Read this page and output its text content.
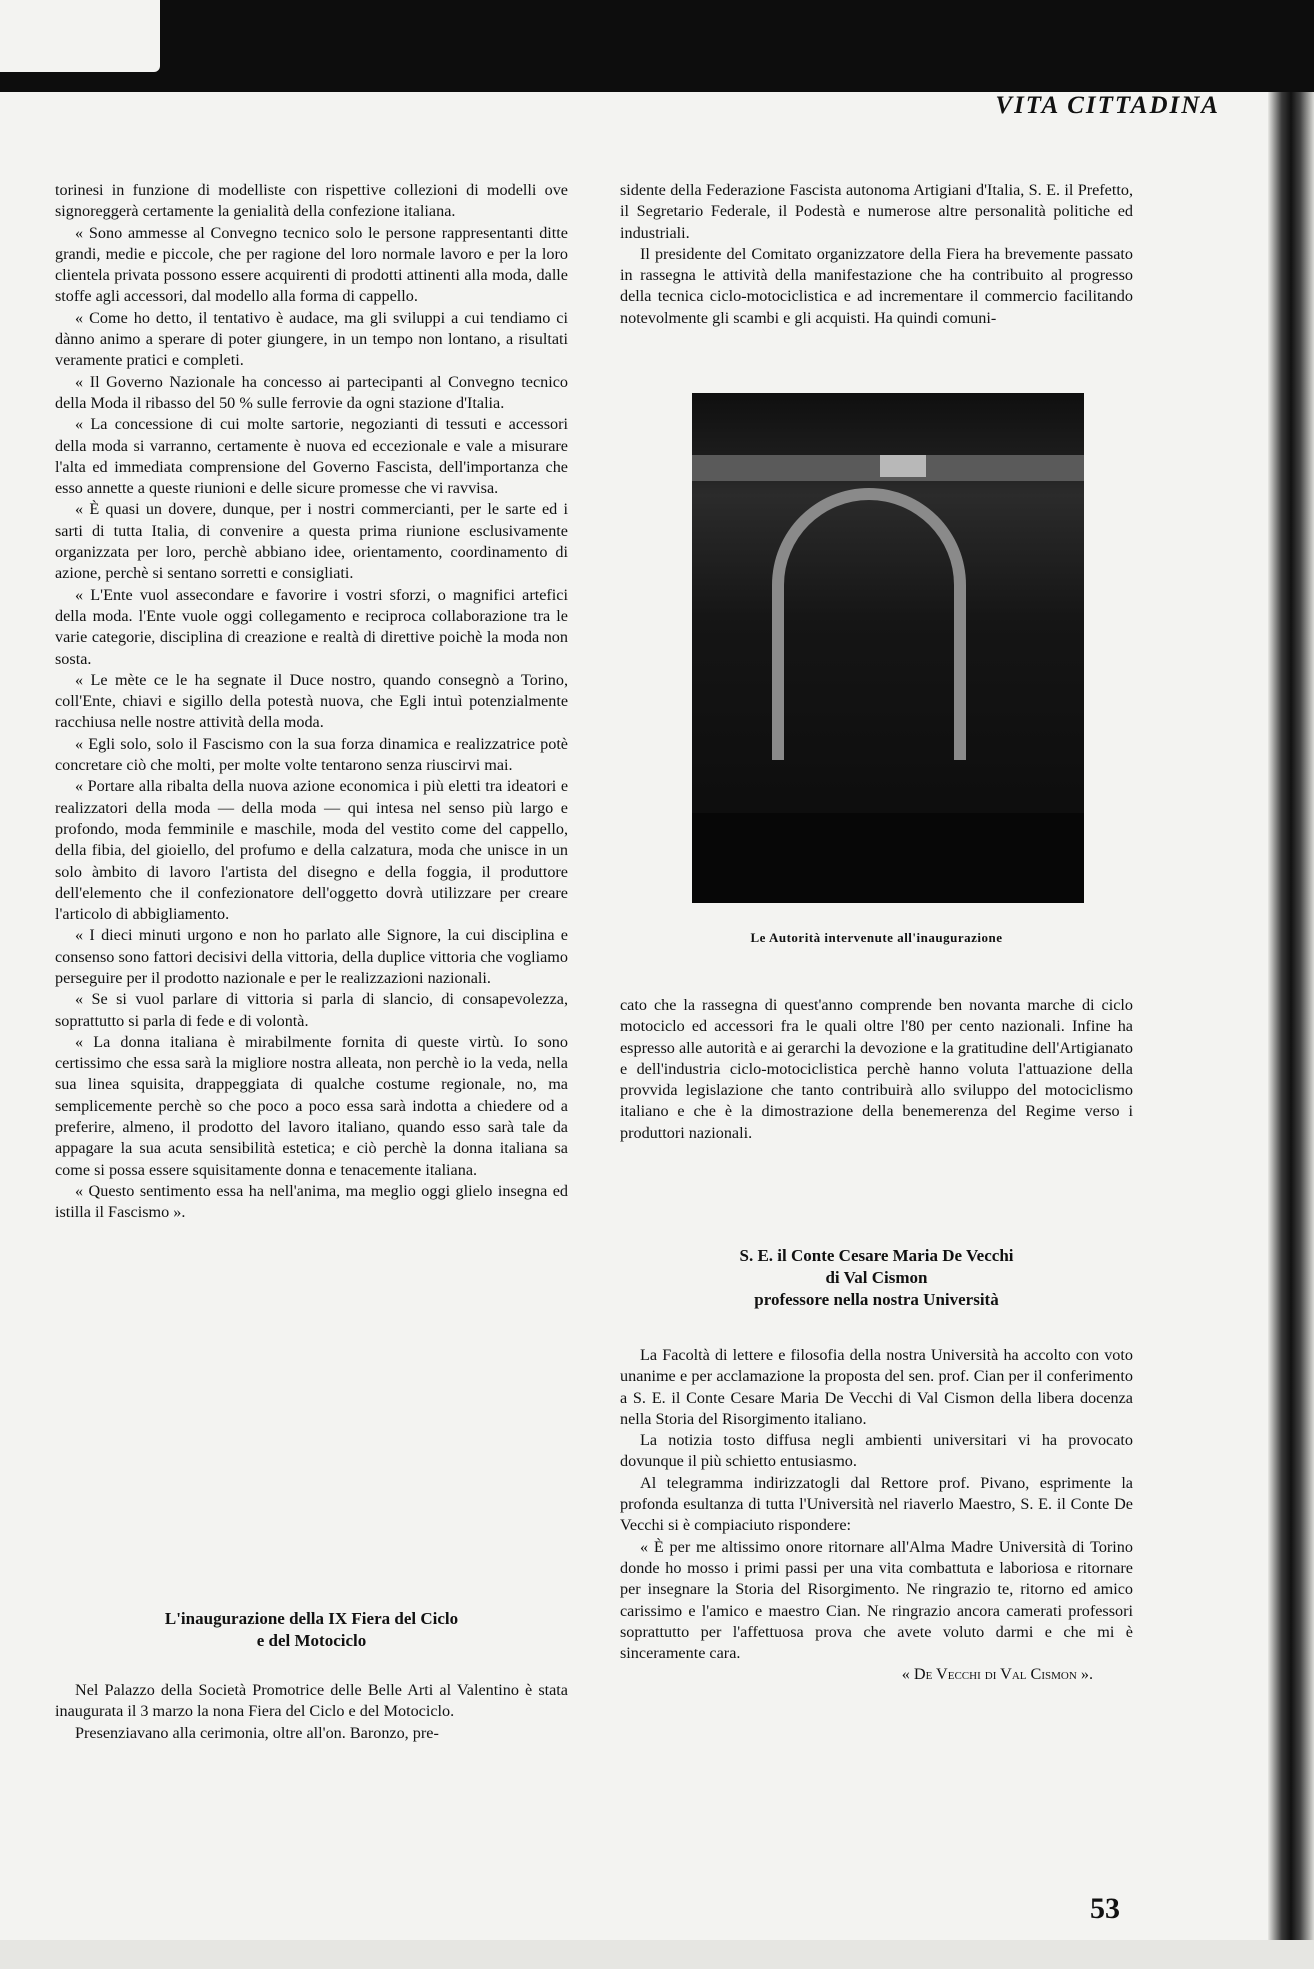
VITA CITTADINA

torinesi in funzione di modelliste con rispettive collezioni di modelli ove signoreggerà certamente la genialità della confezione italiana.

« Sono ammesse al Convegno tecnico solo le persone rappresentanti ditte grandi, medie e piccole, che per ragione del loro normale lavoro e per la loro clientela privata possono essere acquirenti di prodotti attinenti alla moda, dalle stoffe agli accessori, dal modello alla forma di cappello.

« Come ho detto, il tentativo è audace, ma gli sviluppi a cui tendiamo ci dànno animo a sperare di poter giungere, in un tempo non lontano, a risultati veramente pratici e completi.

« Il Governo Nazionale ha concesso ai partecipanti al Convegno tecnico della Moda il ribasso del 50 % sulle ferrovie da ogni stazione d'Italia.

« La concessione di cui molte sartorie, negozianti di tessuti e accessori della moda si varranno, certamente è nuova ed eccezionale e vale a misurare l'alta ed immediata comprensione del Governo Fascista, dell'importanza che esso annette a queste riunioni e delle sicure promesse che vi ravvisa.

« È quasi un dovere, dunque, per i nostri commercianti, per le sarte ed i sarti di tutta Italia, di convenire a questa prima riunione esclusivamente organizzata per loro, perchè abbiano idee, orientamento, coordinamento di azione, perchè si sentano sorretti e consigliati.

« L'Ente vuol assecondare e favorire i vostri sforzi, o magnifici artefici della moda. l'Ente vuole oggi collegamento e reciproca collaborazione tra le varie categorie, disciplina di creazione e realtà di direttive poichè la moda non sosta.

« Le mète ce le ha segnate il Duce nostro, quando consegnò a Torino, coll'Ente, chiavi e sigillo della potestà nuova, che Egli intuì potenzialmente racchiusa nelle nostre attività della moda.

« Egli solo, solo il Fascismo con la sua forza dinamica e realizzatrice potè concretare ciò che molti, per molte volte tentarono senza riuscirvi mai.

« Portare alla ribalta della nuova azione economica i più eletti tra ideatori e realizzatori della moda — della moda — qui intesa nel senso più largo e profondo, moda femminile e maschile, moda del vestito come del cappello, della fibia, del gioiello, del profumo e della calzatura, moda che unisce in un solo àmbito di lavoro l'artista del disegno e della foggia, il produttore dell'elemento che il confezionatore dell'oggetto dovrà utilizzare per creare l'articolo di abbigliamento.

« I dieci minuti urgono e non ho parlato alle Signore, la cui disciplina e consenso sono fattori decisivi della vittoria, della duplice vittoria che vogliamo perseguire per il prodotto nazionale e per le realizzazioni nazionali.

« Se si vuol parlare di vittoria si parla di slancio, di consapevolezza, soprattutto si parla di fede e di volontà.

« La donna italiana è mirabilmente fornita di queste virtù. Io sono certissimo che essa sarà la migliore nostra alleata, non perchè io la veda, nella sua linea squisita, drappeggiata di qualche costume regionale, no, ma semplicemente perchè so che poco a poco essa sarà indotta a chiedere od a preferire, almeno, il prodotto del lavoro italiano, quando esso sarà tale da appagare la sua acuta sensibilità estetica; e ciò perchè la donna italiana sa come si possa essere squisitamente donna e tenacemente italiana.

« Questo sentimento essa ha nell'anima, ma meglio oggi glielo insegna ed istilla il Fascismo ».

L'inaugurazione della IX Fiera del Ciclo

e del Motociclo

Nel Palazzo della Società Promotrice delle Belle Arti al Valentino è stata inaugurata il 3 marzo la nona Fiera del Ciclo e del Motociclo.

Presenziavano alla cerimonia, oltre all'on. Baronzo, pre-

sidente della Federazione Fascista autonoma Artigiani d'Italia, S. E. il Prefetto, il Segretario Federale, il Podestà e numerose altre personalità politiche ed industriali.

Il presidente del Comitato organizzatore della Fiera ha brevemente passato in rassegna le attività della manifestazione che ha contribuito al progresso della tecnica ciclo-motociclistica e ad incrementare il commercio facilitando notevolmente gli scambi e gli acquisti. Ha quindi comuni-

Le Autorità intervenute all'inaugurazione

cato che la rassegna di quest'anno comprende ben novanta marche di ciclo motociclo ed accessori fra le quali oltre l'80 per cento nazionali. Infine ha espresso alle autorità e ai gerarchi la devozione e la gratitudine dell'Artigianato e dell'industria ciclo-motociclistica perchè hanno voluta l'attuazione della provvida legislazione che tanto contribuirà allo sviluppo del motociclismo italiano e che è la dimostrazione della benemerenza del Regime verso i produttori nazionali.

S. E. il Conte Cesare Maria De Vecchi

di Val Cismon

professore nella nostra Università

La Facoltà di lettere e filosofia della nostra Università ha accolto con voto unanime e per acclamazione la proposta del sen. prof. Cian per il conferimento a S. E. il Conte Cesare Maria De Vecchi di Val Cismon della libera docenza nella Storia del Risorgimento italiano.

La notizia tosto diffusa negli ambienti universitari vi ha provocato dovunque il più schietto entusiasmo.

Al telegramma indirizzatogli dal Rettore prof. Pivano, esprimente la profonda esultanza di tutta l'Università nel riaverlo Maestro, S. E. il Conte De Vecchi si è compiaciuto rispondere:

« È per me altissimo onore ritornare all'Alma Madre Università di Torino donde ho mosso i primi passi per una vita combattuta e laboriosa e ritornare per insegnare la Storia del Risorgimento. Ne ringrazio te, ritorno ed amico carissimo e l'amico e maestro Cian. Ne ringrazio ancora camerati professori soprattutto per l'affettuosa prova che avete voluto darmi e che mi è sinceramente cara.

« De Vecchi di Val Cismon ».

53
